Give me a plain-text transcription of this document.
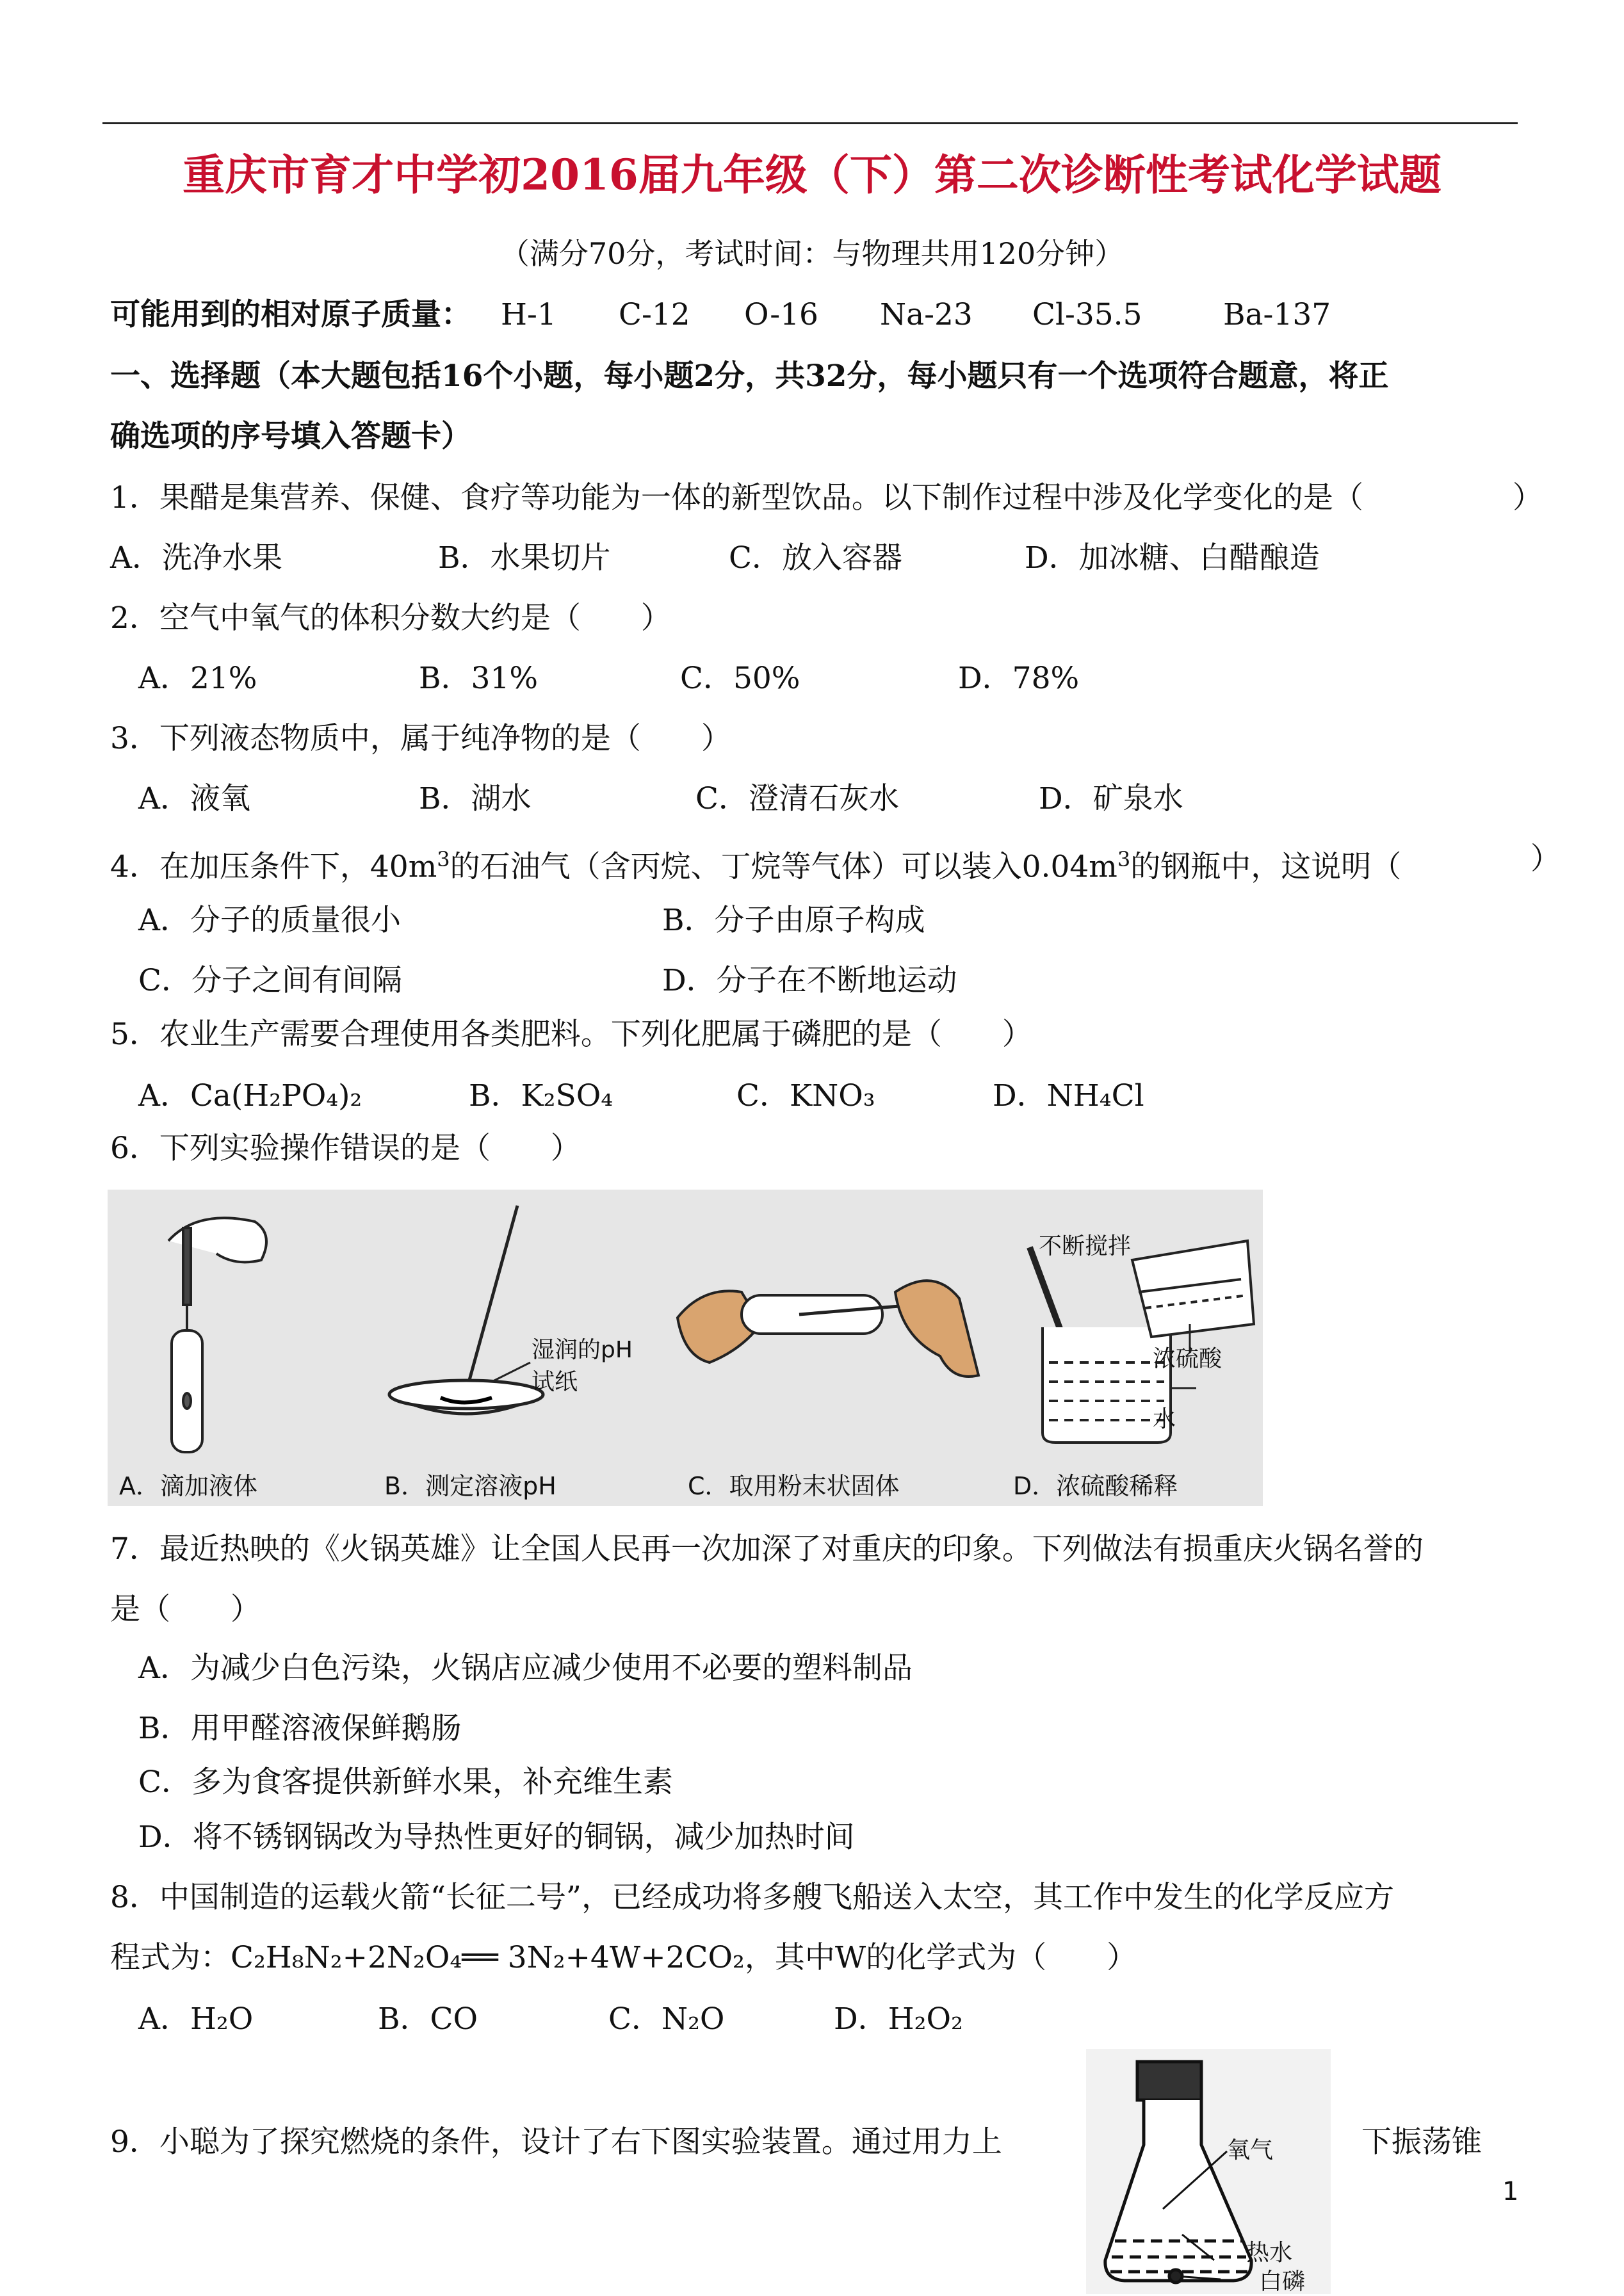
重庆市育才中学初2016届九年级（下）第二次诊断性考试化学试题
（满分70分，考试时间：与物理共用120分钟）
可能用到的相对原子质量： H-1 C-12 O-16 Na-23 Cl-35.5	Ba-137
一、选择题（本大题包括16个小题，每小题2分，共32分，每小题只有一个选项符合题意，将正
确选项的序号填入答题卡）
1．果醋是集营养、保健、食疗等功能为一体的新型饮品。以下制作过程中涉及化学变化的是（	）
A．洗净水果	B．水果切片	C．放入容器	D．加冰糖、白醋酿造
2．空气中氧气的体积分数大约是（　　）
A．21%	B．31%	C．50%	D．78%
3．下列液态物质中，属于纯净物的是（　　）
A．液氧	B．湖水	C．澄清石灰水	D．矿泉水
4．在加压条件下，$40m^3$的石油气（含丙烷、丁烷等气体）可以装入$0.04m^3$的钢瓶中，这说明（	）
A．分子的质量很小	B．分子由原子构成
C．分子之间有间隔	D．分子在不断地运动
5．农业生产需要合理使用各类肥料。下列化肥属于磷肥的是（　　）
A．Ca(H₂PO₄)₂	B．K₂SO₄	C．KNO₃	D．NH₄Cl
6．下列实验操作错误的是（　　）
湿润的pH
试纸
不断搅拌
浓硫酸
水
A．滴加液体	B．测定溶液pH	C．取用粉末状固体	D．浓硫酸稀释
7．最近热映的《火锅英雄》让全国人民再一次加深了对重庆的印象。下列做法有损重庆火锅名誉的
是（　　）
A．为减少白色污染，火锅店应减少使用不必要的塑料制品
B．用甲醛溶液保鲜鹅肠
C．多为食客提供新鲜水果，补充维生素
D．将不锈钢锅改为导热性更好的铜锅，减少加热时间
8．中国制造的运载火箭“长征二号”，已经成功将多艘飞船送入太空，其工作中发生的化学反应方
程式为：C₂H₈N₂+2N₂O₄══ 3N₂+4W+2CO₂，其中W的化学式为（　　）
A．H₂O	B．CO	C．N₂O	D．H₂O₂
9．小聪为了探究燃烧的条件，设计了右下图实验装置。通过用力上	下振荡锥
氧气
热水
白磷
1
